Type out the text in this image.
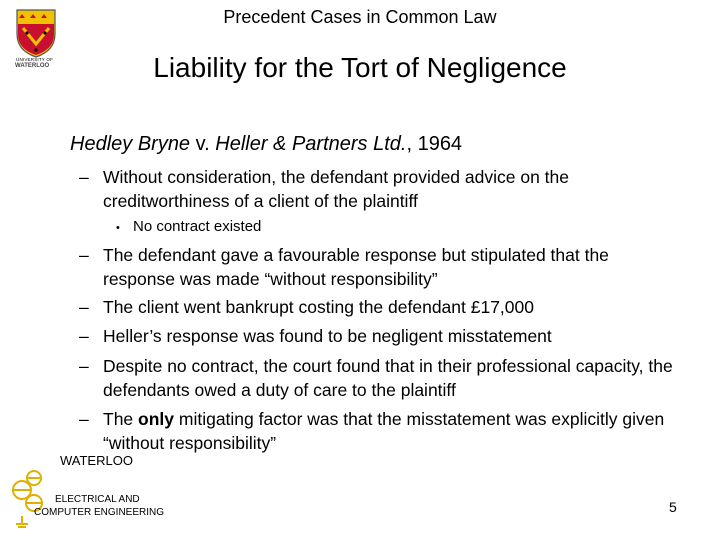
UNIVERSITY OF
WATERLOO
Precedent Cases in Common Law
Liability for the Tort of Negligence
Hedley Bryne v. Heller & Partners Ltd., 1964
– Without consideration, the defendant provided advice on the creditworthiness of a client of the plaintiff
• No contract existed
– The defendant gave a favourable response but stipulated that the response was made “without responsibility”
– The client went bankrupt costing the defendant £17,000
– Heller’s response was found to be negligent misstatement
– Despite no contract, the court found that in their professional capacity, the defendants owed a duty of care to the plaintiff
– The only mitigating factor was that the misstatement was explicitly given “without responsibility”
WATERLOO
ELECTRICAL AND
COMPUTER ENGINEERING	5
